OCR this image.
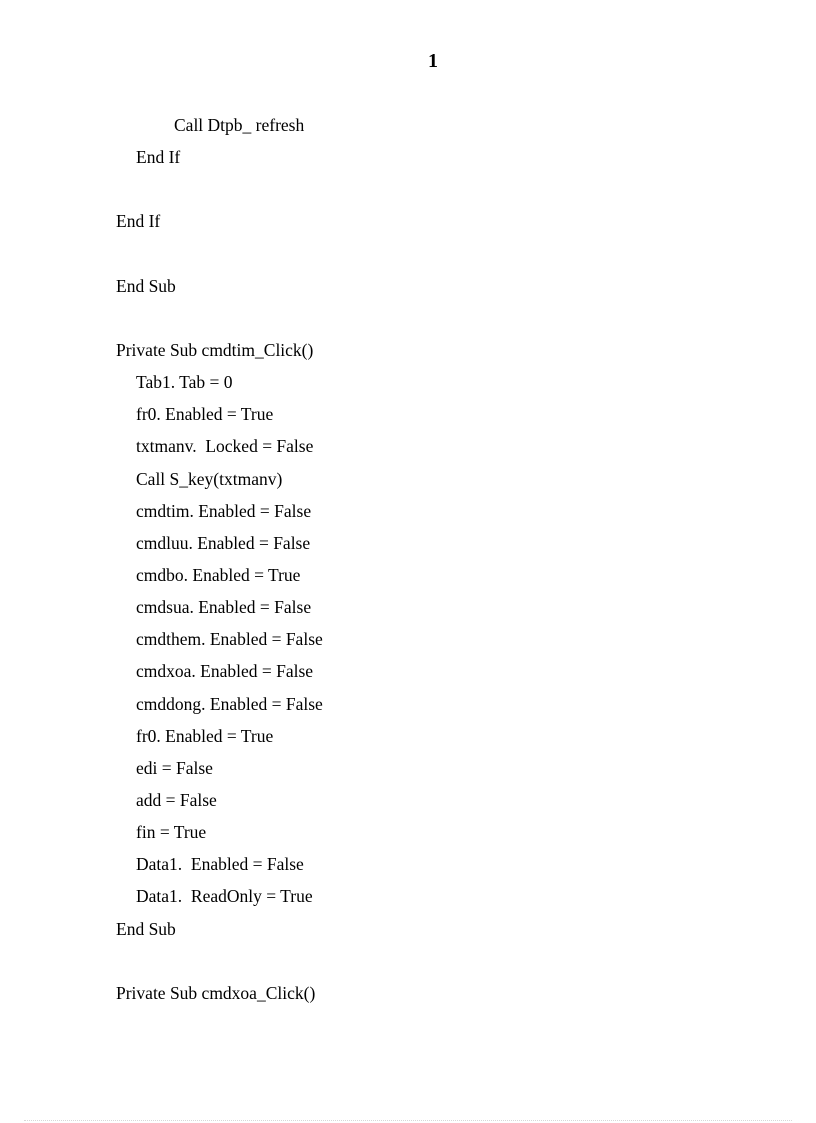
1
Call Dtpb_ refresh
End If
End If
End Sub
Private Sub cmdtim_Click()
Tab1. Tab = 0
fr0. Enabled = True
txtmanv.  Locked = False
Call S_key(txtmanv)
cmdtim. Enabled = False
cmdluu. Enabled = False
cmdbo. Enabled = True
cmdsua. Enabled = False
cmdthem. Enabled = False
cmdxoa. Enabled = False
cmddong. Enabled = False
fr0. Enabled = True
edi = False
add = False
fin = True
Data1.  Enabled = False
Data1.  ReadOnly = True
End Sub
Private Sub cmdxoa_Click()
